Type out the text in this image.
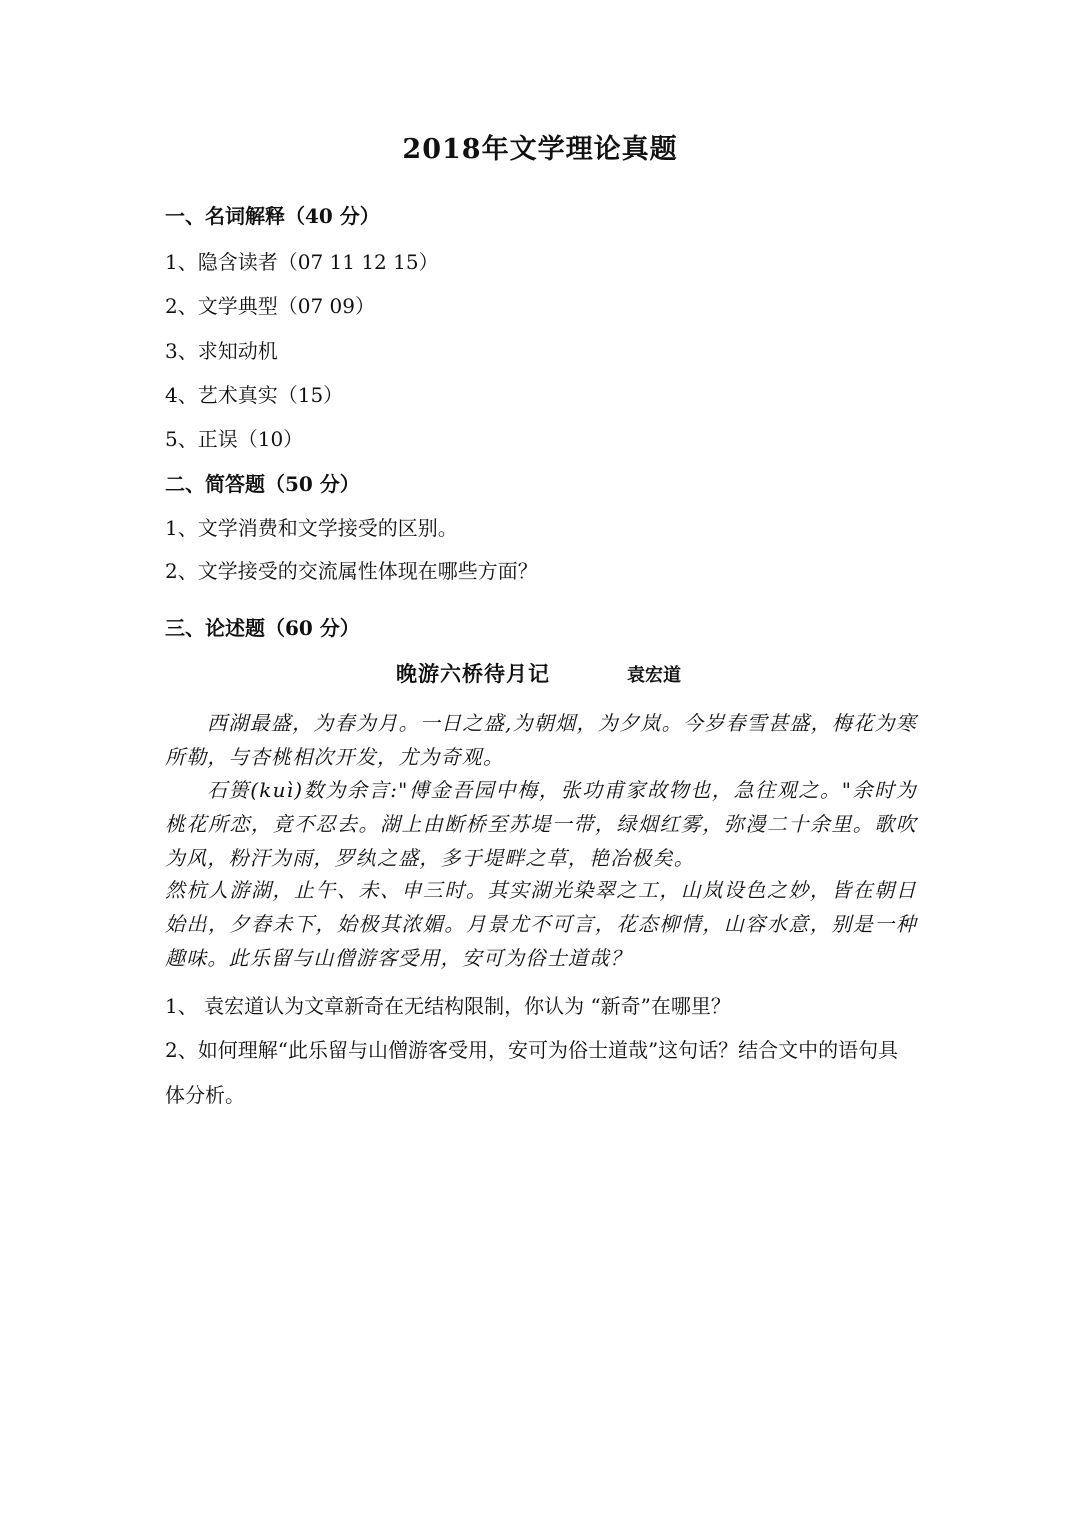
2018年文学理论真题
一、名词解释（40 分）
1、隐含读者（07 11 12 15）
2、文学典型（07 09）
3、求知动机
4、艺术真实（15）
5、正误（10）
二、简答题（50 分）
1、文学消费和文学接受的区别。
2、文学接受的交流属性体现在哪些方面？
三、论述题（60 分）
晚游六桥待月记	袁宏道
西湖最盛，为春为月。一日之盛,为朝烟，为夕岚。今岁春雪甚盛，梅花为寒所勒，与杏桃相次开发，尤为奇观。
石篑(kuì)数为余言:"傅金吾园中梅，张功甫家故物也，急往观之。"余时为桃花所恋，竟不忍去。湖上由断桥至苏堤一带，绿烟红雾，弥漫二十余里。歌吹为风，粉汗为雨，罗纨之盛，多于堤畔之草，艳冶极矣。
然杭人游湖，止午、未、申三时。其实湖光染翠之工，山岚设色之妙，皆在朝日始出，夕舂未下，始极其浓媚。月景尤不可言，花态柳情，山容水意，别是一种趣味。此乐留与山僧游客受用，安可为俗士道哉？
1、 袁宏道认为文章新奇在无结构限制，你认为 “新奇”在哪里？
2、如何理解“此乐留与山僧游客受用，安可为俗士道哉”这句话？结合文中的语句具体分析。
